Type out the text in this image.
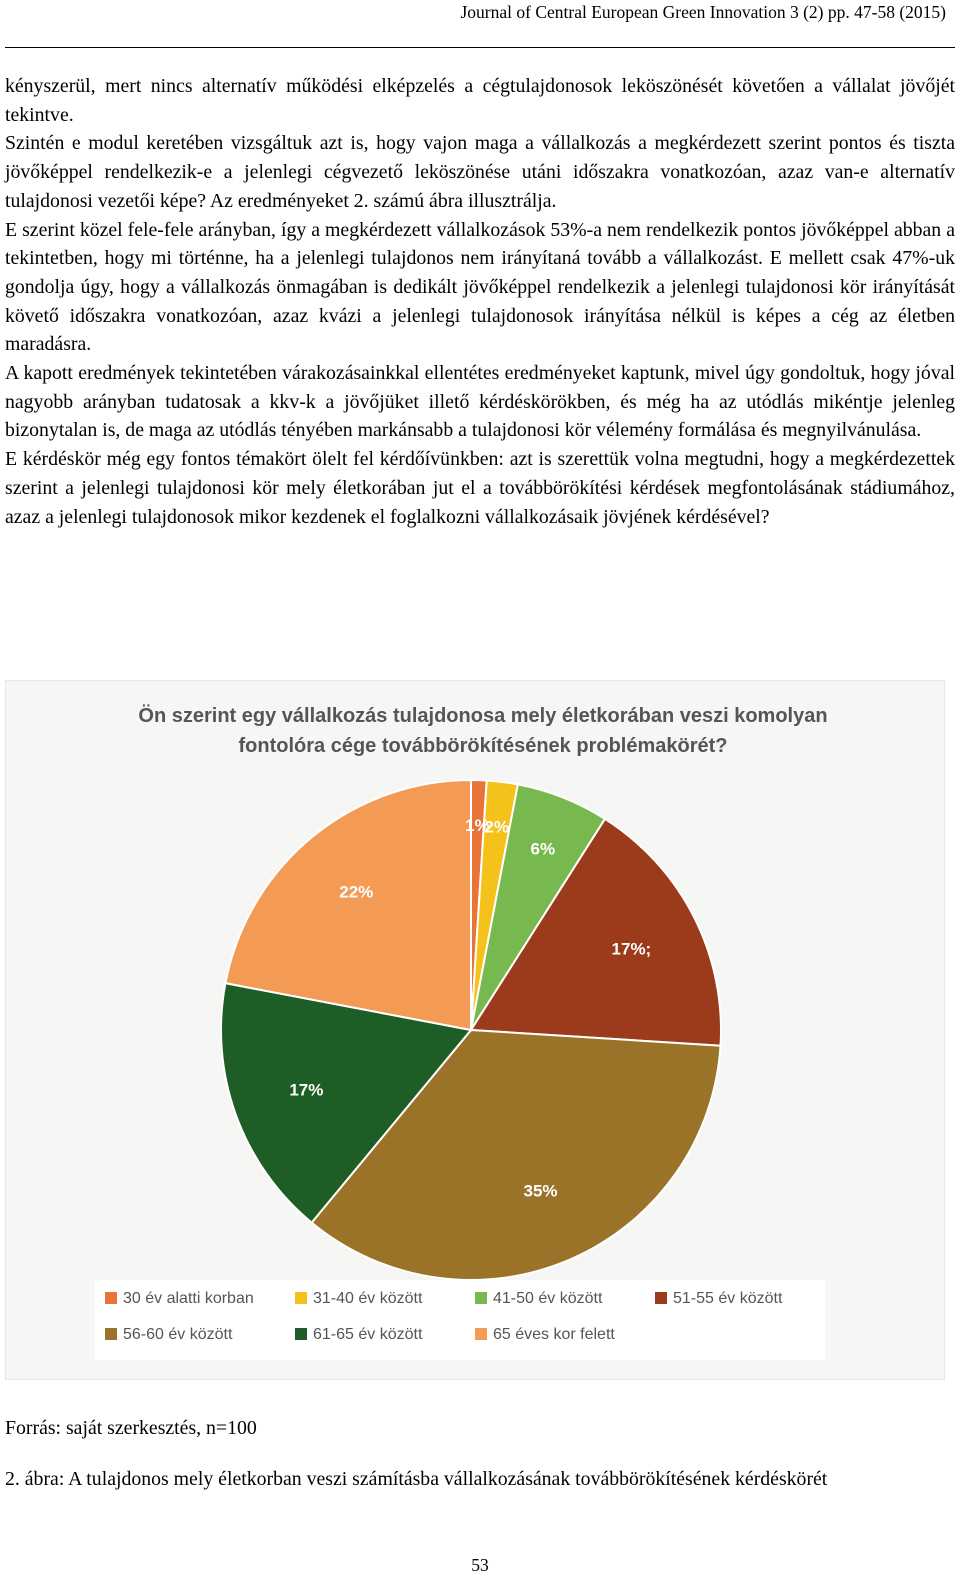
Journal of Central European Green Innovation 3 (2) pp. 47-58 (2015)

kényszerül, mert nincs alternatív működési elképzelés a cégtulajdonosok leköszönését követően a vállalat jövőjét tekintve.

Szintén e modul keretében vizsgáltuk azt is, hogy vajon maga a vállalkozás a megkérdezett szerint pontos és tiszta jövőképpel rendelkezik-e a jelenlegi cégvezető leköszönése utáni időszakra vonatkozóan, azaz van-e alternatív tulajdonosi vezetői képe? Az eredményeket 2. számú ábra illusztrálja.

E szerint közel fele-fele arányban, így a megkérdezett vállalkozások 53%-a nem rendelkezik pontos jövőképpel abban a tekintetben, hogy mi történne, ha a jelenlegi tulajdonos nem irányítaná tovább a vállalkozást. E mellett csak 47%-uk gondolja úgy, hogy a vállalkozás önmagában is dedikált jövőképpel rendelkezik a jelenlegi tulajdonosi kör irányítását követő időszakra vonatkozóan, azaz kvázi a jelenlegi tulajdonosok irányítása nélkül is képes a cég az életben maradásra.

A kapott eredmények tekintetében várakozásainkkal ellentétes eredményeket kaptunk, mivel úgy gondoltuk, hogy jóval nagyobb arányban tudatosak a kkv-k a jövőjüket illető kérdéskörökben, és még ha az utódlás mikéntje jelenleg bizonytalan is, de maga az utódlás tényében markánsabb a tulajdonosi kör vélemény formálása és megnyilvánulása.

E kérdéskör még egy fontos témakört ölelt fel kérdőívünkben: azt is szerettük volna megtudni, hogy a megkérdezettek szerint a jelenlegi tulajdonosi kör mely életkorában jut el a továbbörökítési kérdések megfontolásának stádiumához, azaz a jelenlegi tulajdonosok mikor kezdenek el foglalkozni vállalkozásaik jövjének kérdésével?

Ön szerint egy vállalkozás tulajdonosa mely életkorában veszi komolyan
fontolóra cége továbbörökítésének problémakörét?
1%
2%
6%
17%;
35%
17%
22%
30 év alatti korban	31-40 év között	41-50 év között	51-55 év között
56-60 év között	61-65 év között	65 éves kor felett
Forrás: saját szerkesztés, n=100
2. ábra: A tulajdonos mely életkorban veszi számításba vállalkozásának továbbörökítésének kérdéskörét
53
